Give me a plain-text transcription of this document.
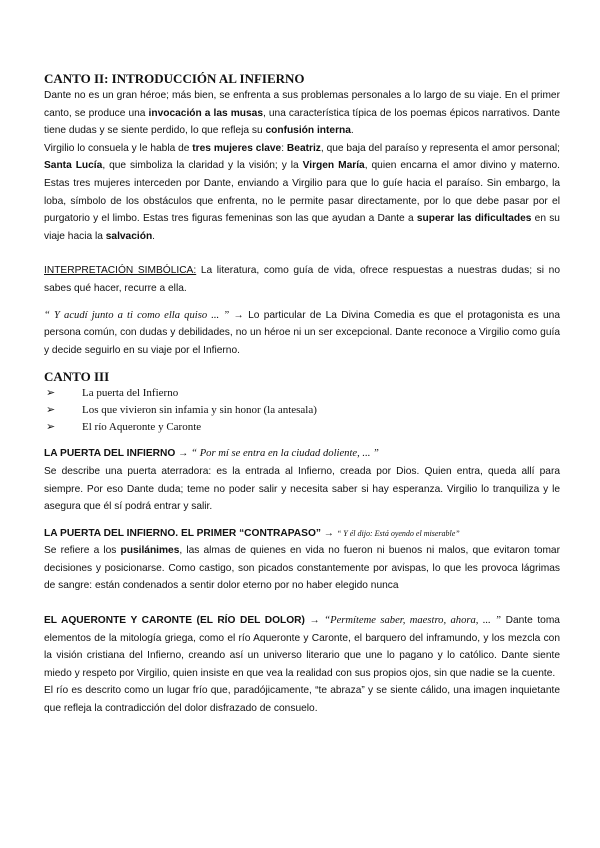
CANTO II: INTRODUCCIÓN AL INFIERNO

Dante no es un gran héroe; más bien, se enfrenta a sus problemas personales a lo largo de su viaje. En el primer canto, se produce una invocación a las musas, una característica típica de los poemas épicos narrativos. Dante tiene dudas y se siente perdido, lo que refleja su confusión interna.

Virgilio lo consuela y le habla de tres mujeres clave: Beatriz, que baja del paraíso y representa el amor personal; Santa Lucía, que simboliza la claridad y la visión; y la Virgen María, quien encarna el amor divino y materno. Estas tres mujeres interceden por Dante, enviando a Virgilio para que lo guíe hacia el paraíso. Sin embargo, la loba, símbolo de los obstáculos que enfrenta, no le permite pasar directamente, por lo que debe pasar por el purgatorio y el limbo. Estas tres figuras femeninas son las que ayudan a Dante a superar las dificultades en su viaje hacia la salvación.

INTERPRETACIÓN SIMBÓLICA: La literatura, como guía de vida, ofrece respuestas a nuestras dudas; si no sabes qué hacer, recurre a ella.

“ Y acudí junto a ti como ella quiso ... ” → Lo particular de La Divina Comedia es que el protagonista es una persona común, con dudas y debilidades, no un héroe ni un ser excepcional. Dante reconoce a Virgilio como guía y decide seguirlo en su viaje por el Infierno.

CANTO III
➢	La puerta del Infierno
➢	Los que vivieron sin infamia y sin honor (la antesala)
➢	El río Aqueronte y Caronte

LA PUERTA DEL INFIERNO → “ Por mí se entra en la ciudad doliente, ... ”

Se describe una puerta aterradora: es la entrada al Infierno, creada por Dios. Quien entra, queda allí para siempre. Por eso Dante duda; teme no poder salir y necesita saber si hay esperanza. Virgilio lo tranquiliza y le asegura que él sí podrá entrar y salir.

LA PUERTA DEL INFIERNO. EL PRIMER “CONTRAPASO” → “ Y él dijo: Está oyendo el miserable”

Se refiere a los pusilánimes, las almas de quienes en vida no fueron ni buenos ni malos, que evitaron tomar decisiones y posicionarse. Como castigo, son picados constantemente por avispas, lo que les provoca lágrimas de sangre: están condenados a sentir dolor eterno por no haber elegido nunca

EL AQUERONTE Y CARONTE (EL RÍO DEL DOLOR) → “Permíteme saber, maestro, ahora, ... ” Dante toma elementos de la mitología griega, como el río Aqueronte y Caronte, el barquero del inframundo, y los mezcla con la visión cristiana del Infierno, creando así un universo literario que une lo pagano y lo católico. Dante siente miedo y respeto por Virgilio, quien insiste en que vea la realidad con sus propios ojos, sin que nadie se la cuente.

El río es descrito como un lugar frío que, paradójicamente, “te abraza” y se siente cálido, una imagen inquietante que refleja la contradicción del dolor disfrazado de consuelo.
